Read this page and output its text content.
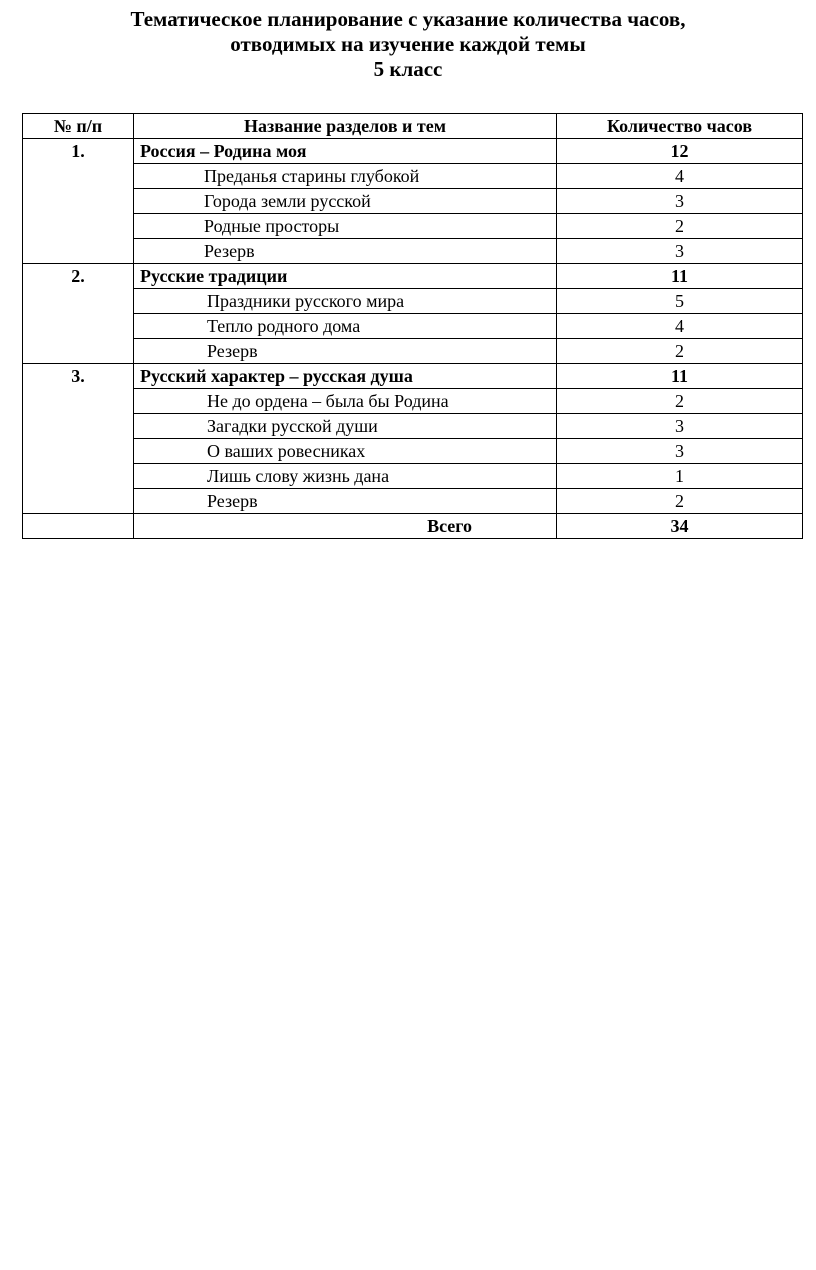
Тематическое планирование с указание количества часов,
отводимых на изучение каждой темы
5 класс
№ п/п	Название разделов и тем	Количество часов
1.	Россия – Родина моя	12
	Преданья старины глубокой	4
	Города земли русской	3
	Родные просторы	2
	Резерв	3
2.	Русские традиции	11
	Праздники русского мира	5
	Тепло родного дома	4
	Резерв	2
3.	Русский характер – русская душа	11
	Не до ордена – была бы Родина	2
	Загадки русской души	3
	О ваших ровесниках	3
	Лишь слову жизнь дана	1
	Резерв	2
	Всего	34
